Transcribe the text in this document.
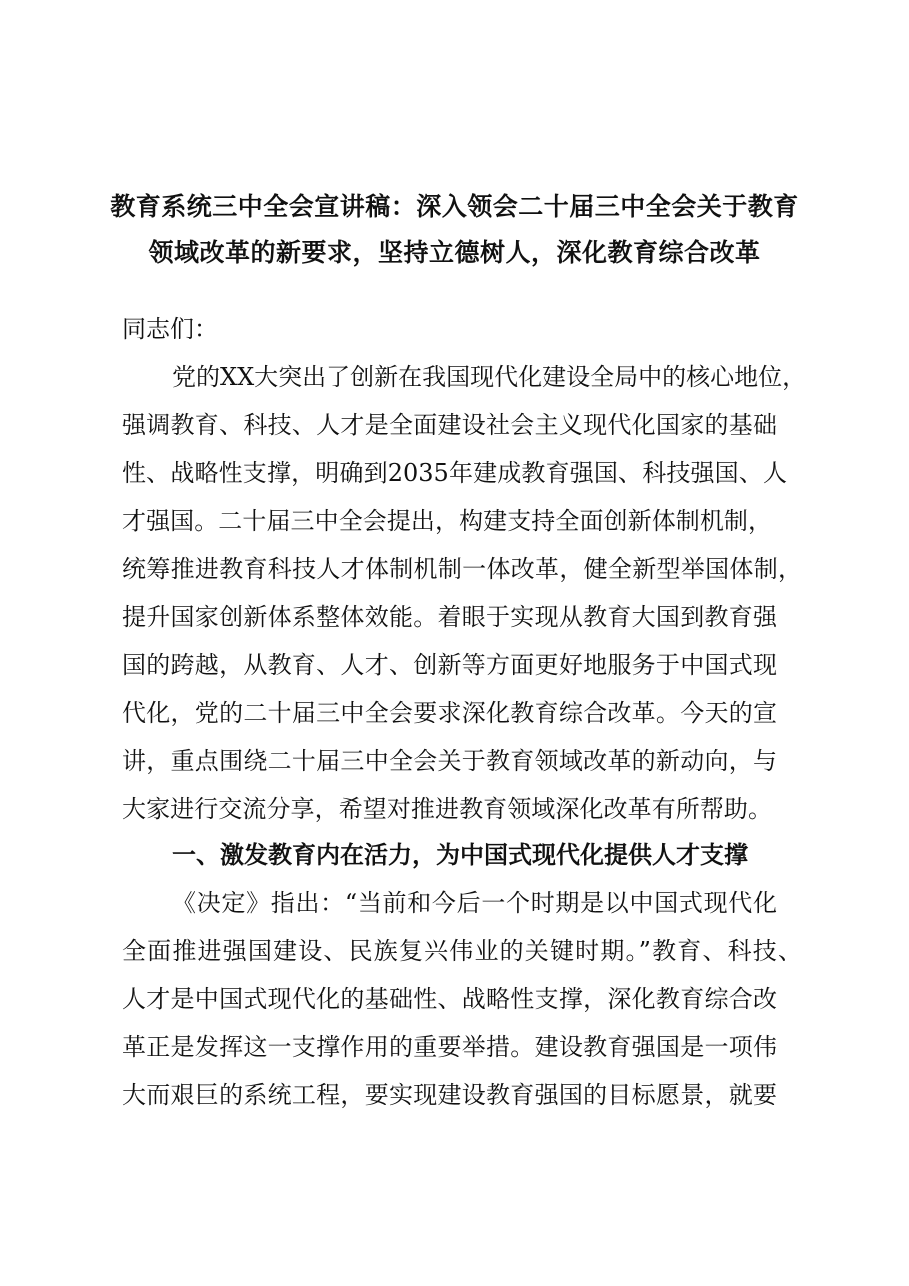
教育系统三中全会宣讲稿：深入领会二十届三中全会关于教育
领域改革的新要求，坚持立德树人，深化教育综合改革
同志们：
党的XX大突出了创新在我国现代化建设全局中的核心地位，
强调教育、科技、人才是全面建设社会主义现代化国家的基础
性、战略性支撑，明确到2035年建成教育强国、科技强国、人
才强国。二十届三中全会提出，构建支持全面创新体制机制，
统筹推进教育科技人才体制机制一体改革，健全新型举国体制，
提升国家创新体系整体效能。着眼于实现从教育大国到教育强
国的跨越，从教育、人才、创新等方面更好地服务于中国式现
代化，党的二十届三中全会要求深化教育综合改革。今天的宣
讲，重点围绕二十届三中全会关于教育领域改革的新动向，与
大家进行交流分享，希望对推进教育领域深化改革有所帮助。
一、激发教育内在活力，为中国式现代化提供人才支撑
《决定》指出：“当前和今后一个时期是以中国式现代化
全面推进强国建设、民族复兴伟业的关键时期。”教育、科技、
人才是中国式现代化的基础性、战略性支撑，深化教育综合改
革正是发挥这一支撑作用的重要举措。建设教育强国是一项伟
大而艰巨的系统工程，要实现建设教育强国的目标愿景，就要
